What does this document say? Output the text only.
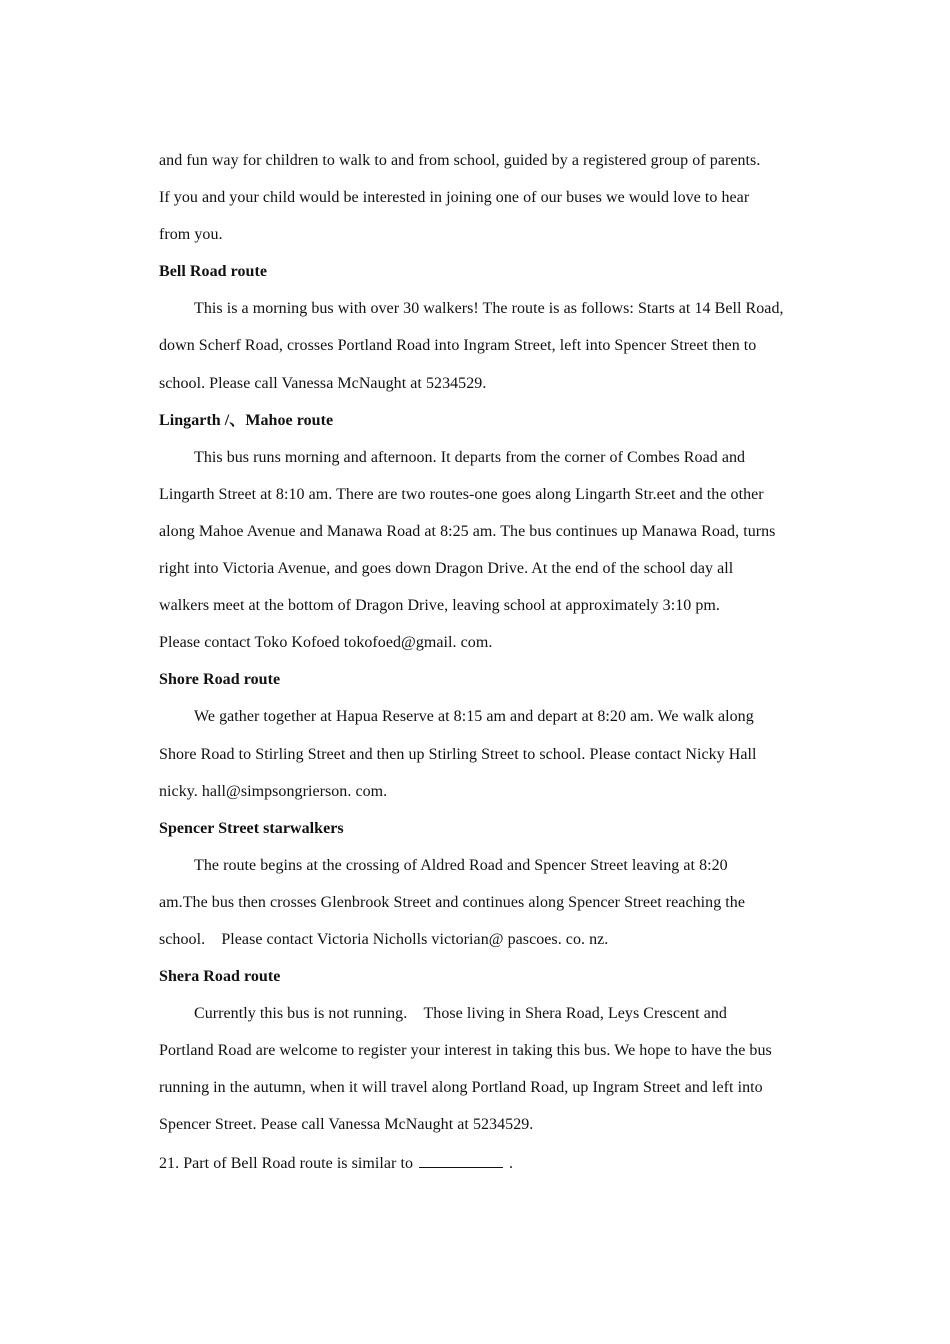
and fun way for children to walk to and from school, guided by a registered group of parents.
If you and your child would be interested in joining one of our buses we would love to hear
from you.
Bell Road route
This is a morning bus with over 30 walkers! The route is as follows: Starts at 14 Bell Road,
down Scherf Road, crosses Portland Road into Ingram Street, left into Spencer Street then to
school. Please call Vanessa McNaught at 5234529.
Lingarth /、Mahoe route
This bus runs morning and afternoon. It departs from the corner of Combes Road and
Lingarth Street at 8:10 am. There are two routes-one goes along Lingarth Str.eet and the other
along Mahoe Avenue and Manawa Road at 8:25 am. The bus continues up Manawa Road, turns
right into Victoria Avenue, and goes down Dragon Drive. At the end of the school day all
walkers meet at the bottom of Dragon Drive, leaving school at approximately 3:10 pm.
Please contact Toko Kofoed tokofoed@gmail. com.
Shore Road route
We gather together at Hapua Reserve at 8:15 am and depart at 8:20 am. We walk along
Shore Road to Stirling Street and then up Stirling Street to school. Please contact Nicky Hall
nicky. hall@simpsongrierson. com.
Spencer Street starwalkers
The route begins at the crossing of Aldred Road and Spencer Street leaving at 8:20
am.The bus then crosses Glenbrook Street and continues along Spencer Street reaching the
school.    Please contact Victoria Nicholls victorian@ pascoes. co. nz.
Shera Road route
Currently this bus is not running.    Those living in Shera Road, Leys Crescent and
Portland Road are welcome to register your interest in taking this bus. We hope to have the bus
running in the autumn, when it will travel along Portland Road, up Ingram Street and left into
Spencer Street. Pease call Vanessa McNaught at 5234529.
21. Part of Bell Road route is similar to	.
